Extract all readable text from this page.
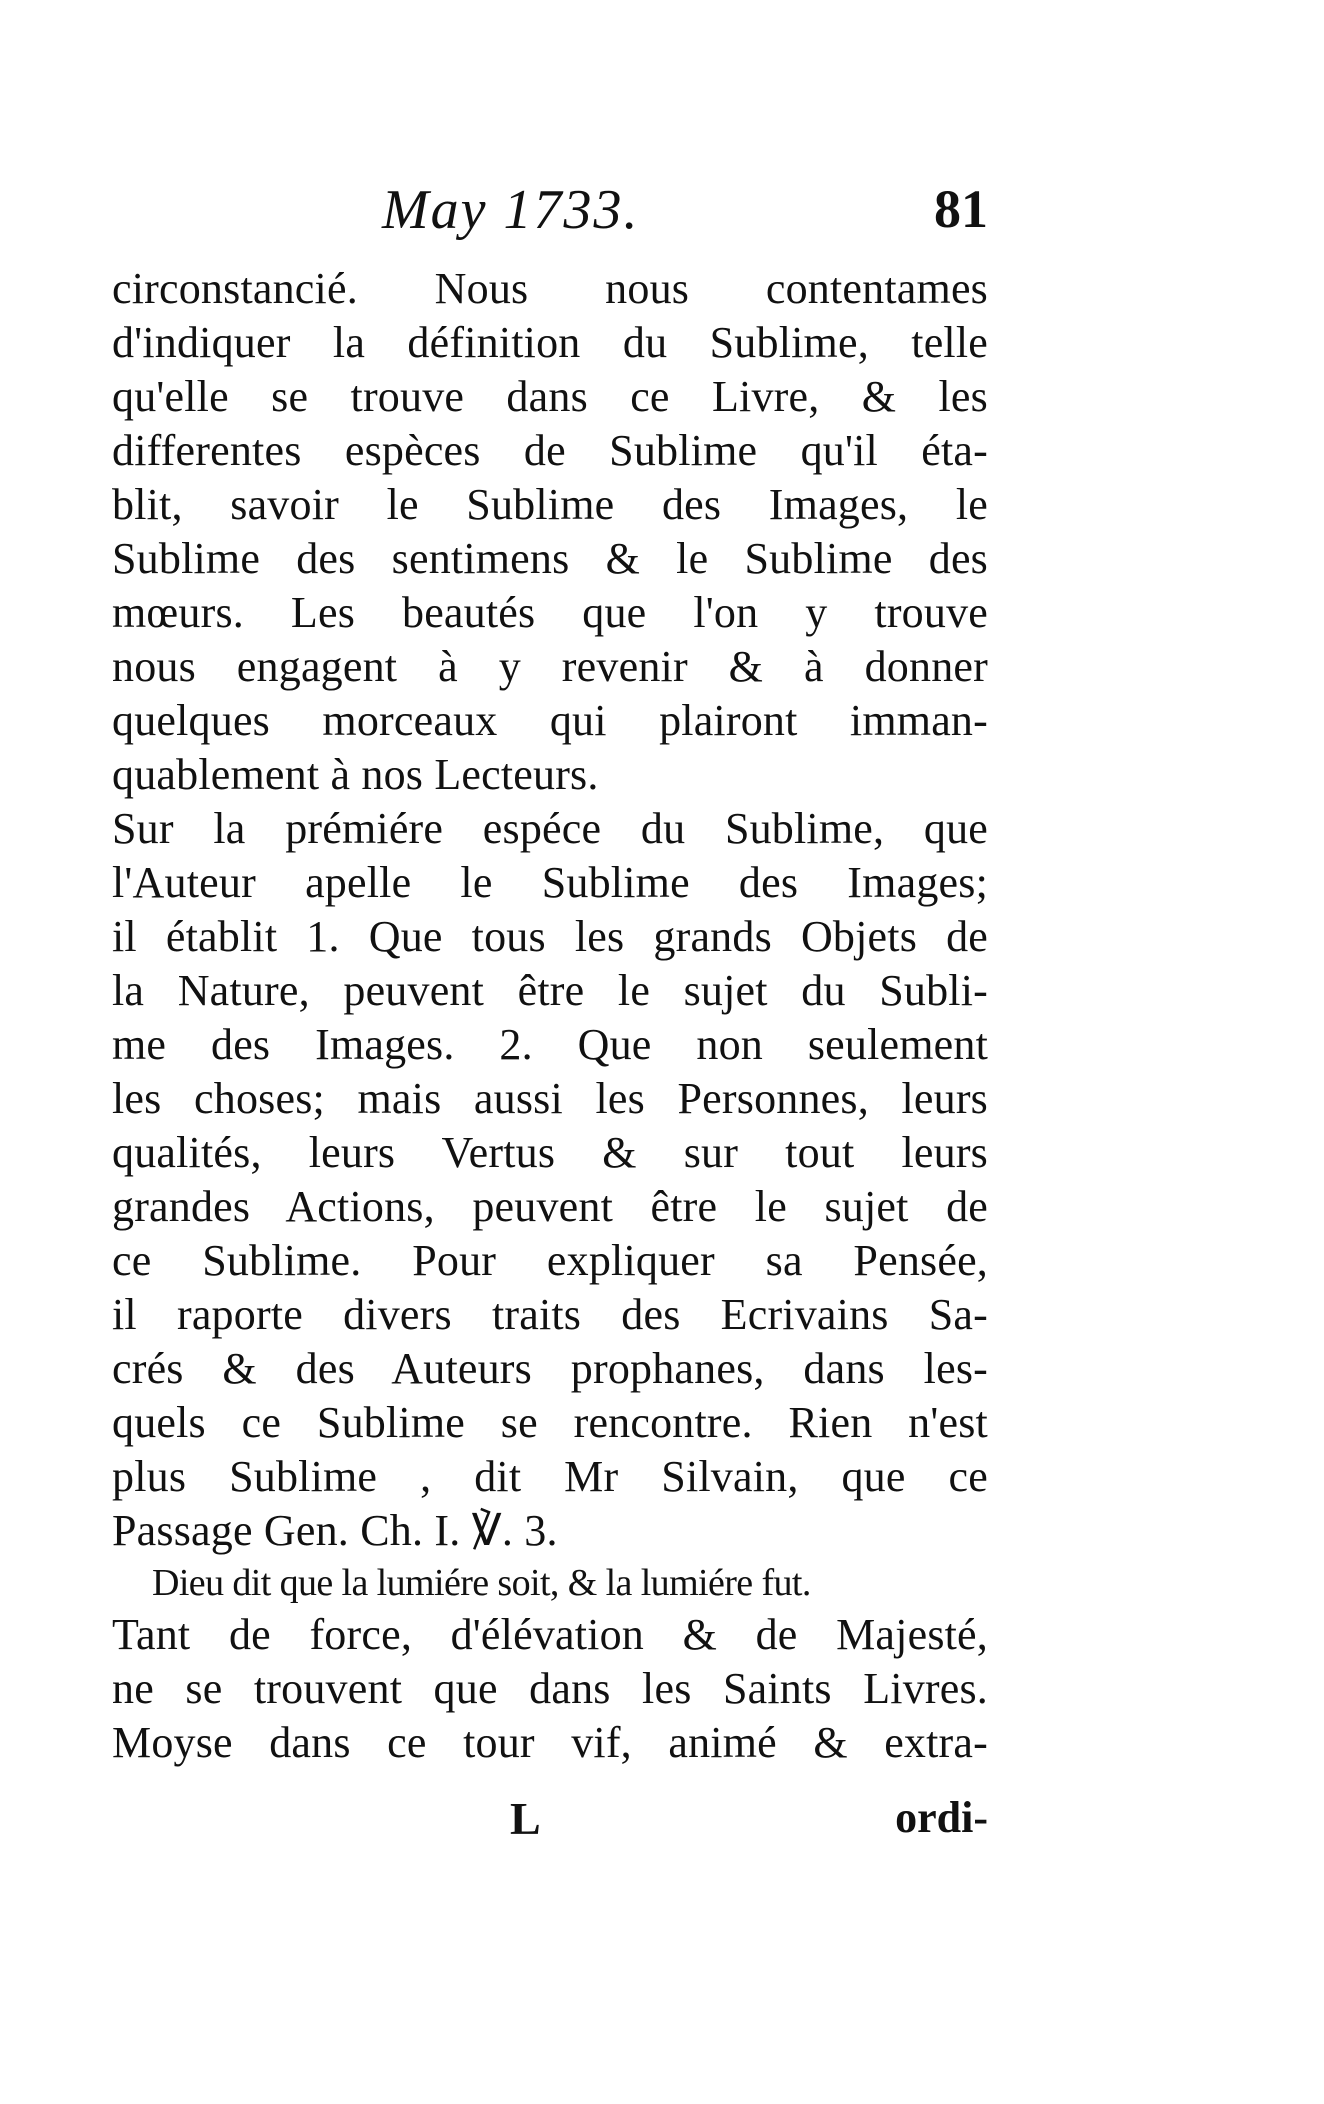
May 1733.	81
circonstancié. Nous nous contentames
d'indiquer la définition du Sublime, telle
qu'elle se trouve dans ce Livre, & les
differentes espèces de Sublime qu'il éta-
blit, savoir le Sublime des Images, le
Sublime des sentimens & le Sublime des
mœurs. Les beautés que l'on y trouve
nous engagent à y revenir & à donner
quelques morceaux qui plairont imman-
quablement à nos Lecteurs.
Sur la prémiére espéce du Sublime, que
l'Auteur apelle le Sublime des Images;
il établit 1. Que tous les grands Objets de
la Nature, peuvent être le sujet du Subli-
me des Images. 2. Que non seulement
les choses; mais aussi les Personnes, leurs
qualités, leurs Vertus & sur tout leurs
grandes Actions, peuvent être le sujet de
ce Sublime. Pour expliquer sa Pensée,
il raporte divers traits des Ecrivains Sa-
crés & des Auteurs prophanes, dans les-
quels ce Sublime se rencontre. Rien n'est
plus Sublime , dit Mr Silvain, que ce
Passage Gen. Ch. I. ℣. 3.
Dieu dit que la lumiére soit, & la lumiére fut.
Tant de force, d'élévation & de Majesté,
ne se trouvent que dans les Saints Livres.
Moyse dans ce tour vif, animé & extra-
L	ordi-
